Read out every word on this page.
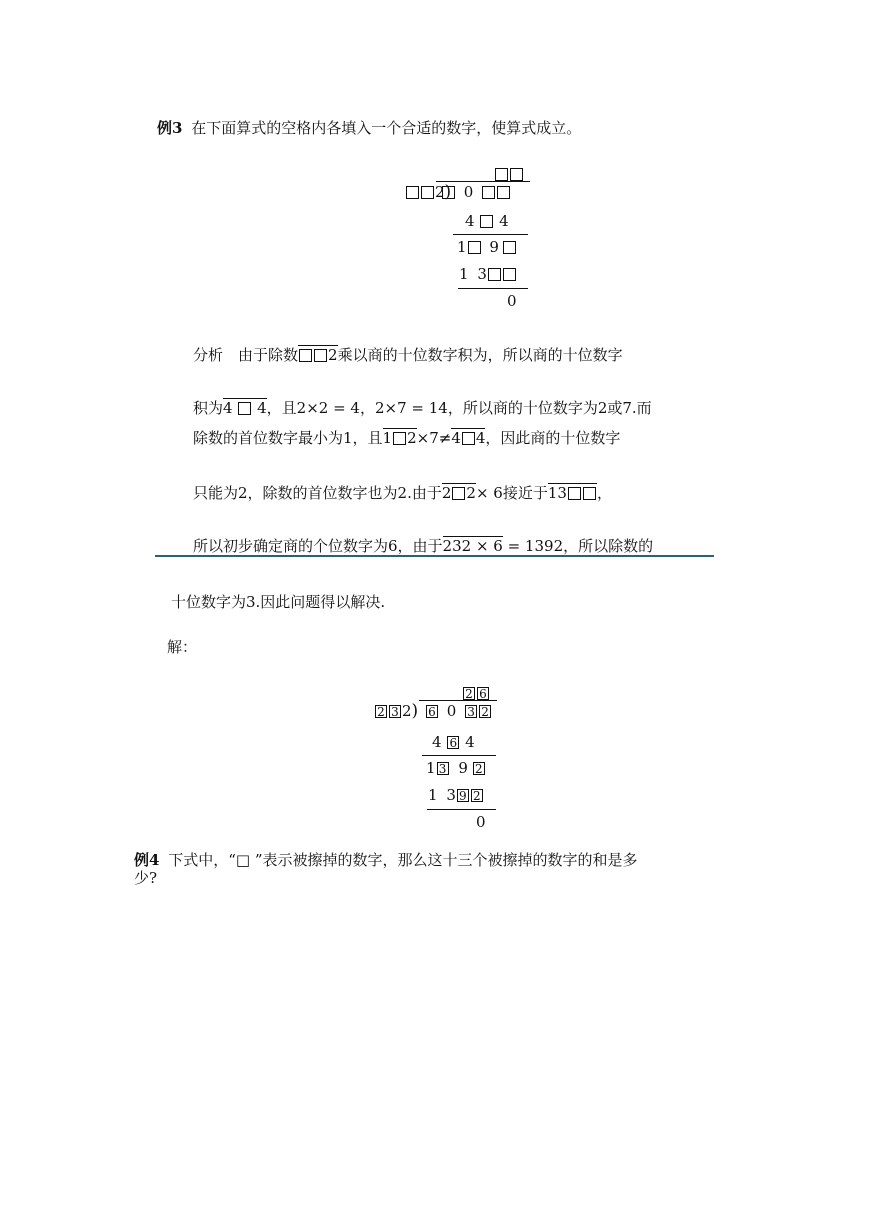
例3 在下面算式的空格内各填入一个合适的数字，使算式成立。
2) 0
4 4
1 9
1 3
0
分析　由于除数 2乘以商的十位数字积为，所以商的十位数字
积为4 4，且2×2 = 4，2×7 = 14，所以商的十位数字为2或7.而
除数的首位数字最小为1，且1 2×7≠4 4，因此商的十位数字
只能为2，除数的首位数字也为2.由于2 2× 6接近于13 ，
所以初步确定商的个位数字为6，由于232 × 6 = 1392，所以除数的
十位数字为3.因此问题得以解决.
解：
2 6
2 3 2) 6 0 3 2
4 6 4
1 3 9 2
1 3 9 2
0
例4 下式中，“□ ”表示被擦掉的数字，那么这十三个被擦掉的数字的和是多
少?
